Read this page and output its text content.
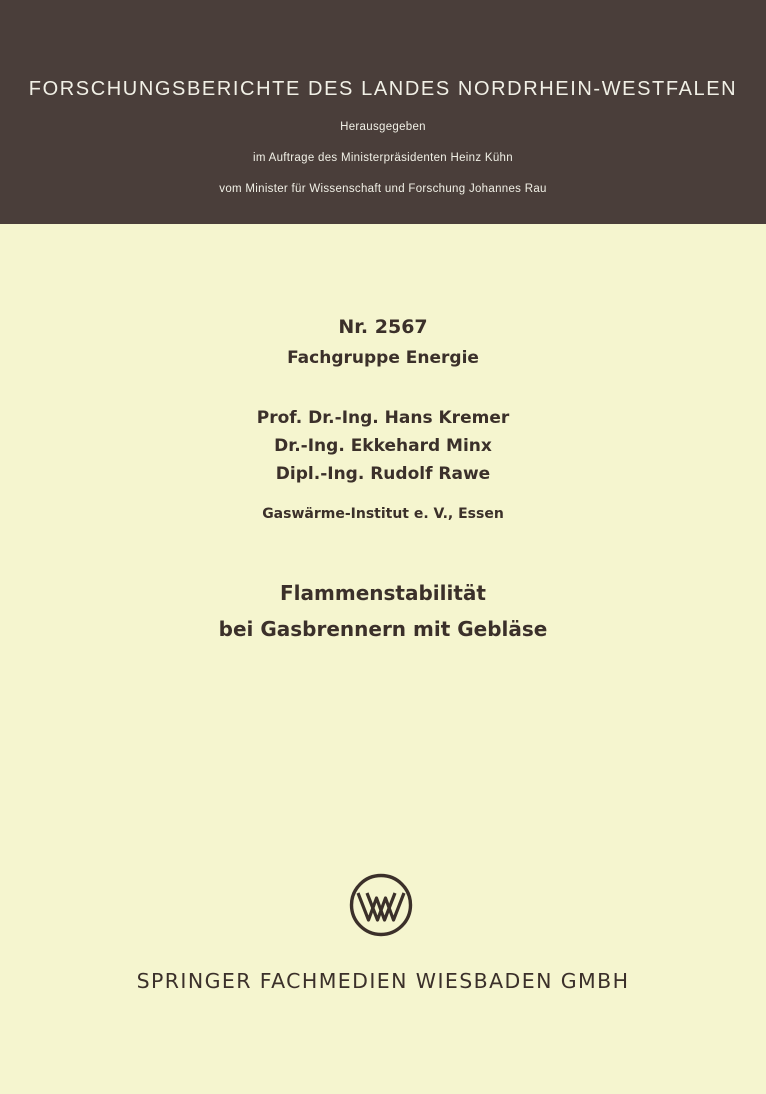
FORSCHUNGSBERICHTE DES LANDES NORDRHEIN-WESTFALEN
Herausgegeben
im Auftrage des Ministerpräsidenten Heinz Kühn
vom Minister für Wissenschaft und Forschung Johannes Rau
Nr. 2567
Fachgruppe Energie
Prof. Dr.-Ing. Hans Kremer
Dr.-Ing. Ekkehard Minx
Dipl.-Ing. Rudolf Rawe
Gaswärme-Institut e. V., Essen
Flammenstabilität
bei Gasbrennern mit Gebläse
SPRINGER FACHMEDIEN WIESBADEN GMBH
